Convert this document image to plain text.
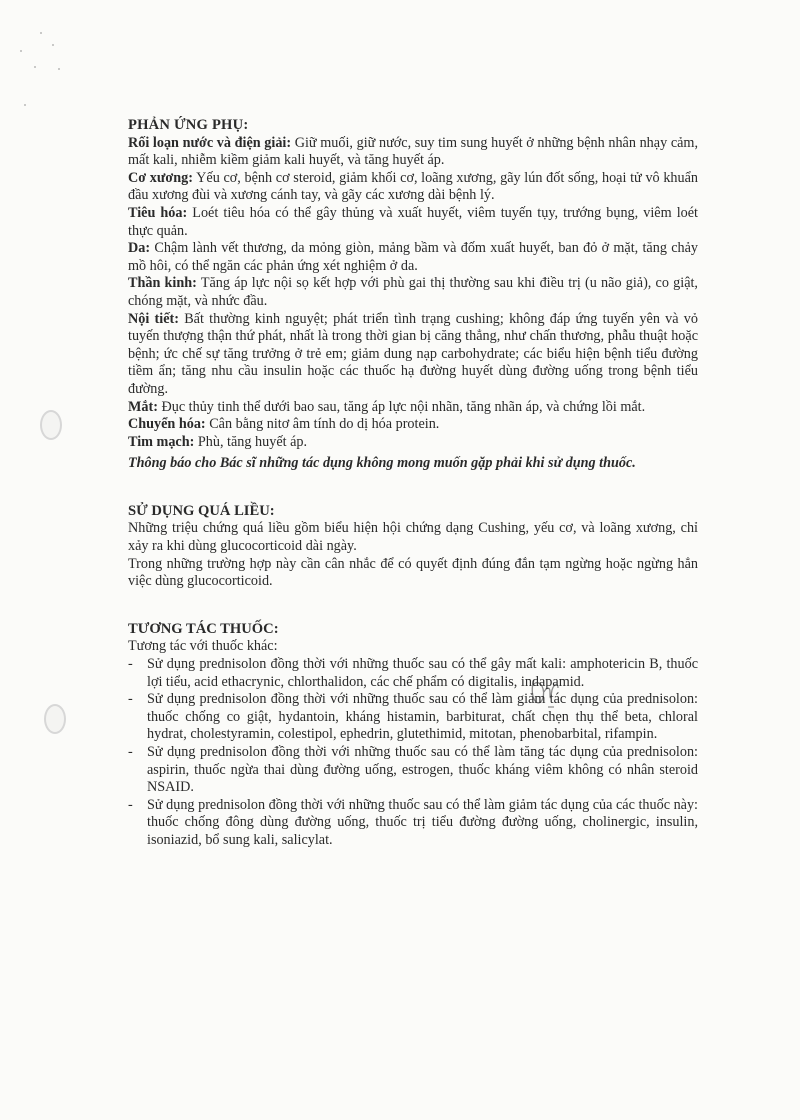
PHẢN ỨNG PHỤ:

Rối loạn nước và điện giải: Giữ muối, giữ nước, suy tim sung huyết ở những bệnh nhân nhạy cảm, mất kali, nhiễm kiềm giảm kali huyết, và tăng huyết áp.

Cơ xương: Yếu cơ, bệnh cơ steroid, giảm khối cơ, loãng xương, gãy lún đốt sống, hoại tử vô khuẩn đầu xương đùi và xương cánh tay, và gãy các xương dài bệnh lý.

Tiêu hóa: Loét tiêu hóa có thể gây thủng và xuất huyết, viêm tuyến tụy, trướng bụng, viêm loét thực quản.

Da: Chậm lành vết thương, da mỏng giòn, mảng bầm và đốm xuất huyết, ban đỏ ở mặt, tăng chảy mồ hôi, có thể ngăn các phản ứng xét nghiệm ở da.

Thần kinh: Tăng áp lực nội sọ kết hợp với phù gai thị thường sau khi điều trị (u não giả), co giật, chóng mặt, và nhức đầu.

Nội tiết: Bất thường kinh nguyệt; phát triển tình trạng cushing; không đáp ứng tuyến yên và vỏ tuyến thượng thận thứ phát, nhất là trong thời gian bị căng thẳng, như chấn thương, phẫu thuật hoặc bệnh; ức chế sự tăng trưởng ở trẻ em; giảm dung nạp carbohydrate; các biểu hiện bệnh tiểu đường tiềm ẩn; tăng nhu cầu insulin hoặc các thuốc hạ đường huyết dùng đường uống trong bệnh tiểu đường.

Mắt: Đục thủy tinh thể dưới bao sau, tăng áp lực nội nhãn, tăng nhãn áp, và chứng lồi mắt.

Chuyển hóa: Cân bằng nitơ âm tính do dị hóa protein.

Tim mạch: Phù, tăng huyết áp.

Thông báo cho Bác sĩ những tác dụng không mong muốn gặp phải khi sử dụng thuốc.

SỬ DỤNG QUÁ LIỀU:

Những triệu chứng quá liều gồm biểu hiện hội chứng dạng Cushing, yếu cơ, và loãng xương, chỉ xảy ra khi dùng glucocorticoid dài ngày.

Trong những trường hợp này cần cân nhắc để có quyết định đúng đắn tạm ngừng hoặc ngừng hẳn việc dùng glucocorticoid.

TƯƠNG TÁC THUỐC:

Tương tác với thuốc khác:

- Sử dụng prednisolon đồng thời với những thuốc sau có thể gây mất kali: amphotericin B, thuốc lợi tiểu, acid ethacrynic, chlorthalidon, các chế phẩm có digitalis, indapamid.
- Sử dụng prednisolon đồng thời với những thuốc sau có thể làm giảm tác dụng của prednisolon: thuốc chống co giật, hydantoin, kháng histamin, barbiturat, chất chẹn thụ thể beta, chloral hydrat, cholestyramin, colestipol, ephedrin, glutethimid, mitotan, phenobarbital, rifampin.
- Sử dụng prednisolon đồng thời với những thuốc sau có thể làm tăng tác dụng của prednisolon: aspirin, thuốc ngừa thai dùng đường uống, estrogen, thuốc kháng viêm không có nhân steroid NSAID.
- Sử dụng prednisolon đồng thời với những thuốc sau có thể làm giảm tác dụng của các thuốc này: thuốc chống đông dùng đường uống, thuốc trị tiểu đường đường uống, cholinergic, insulin, isoniazid, bổ sung kali, salicylat.
